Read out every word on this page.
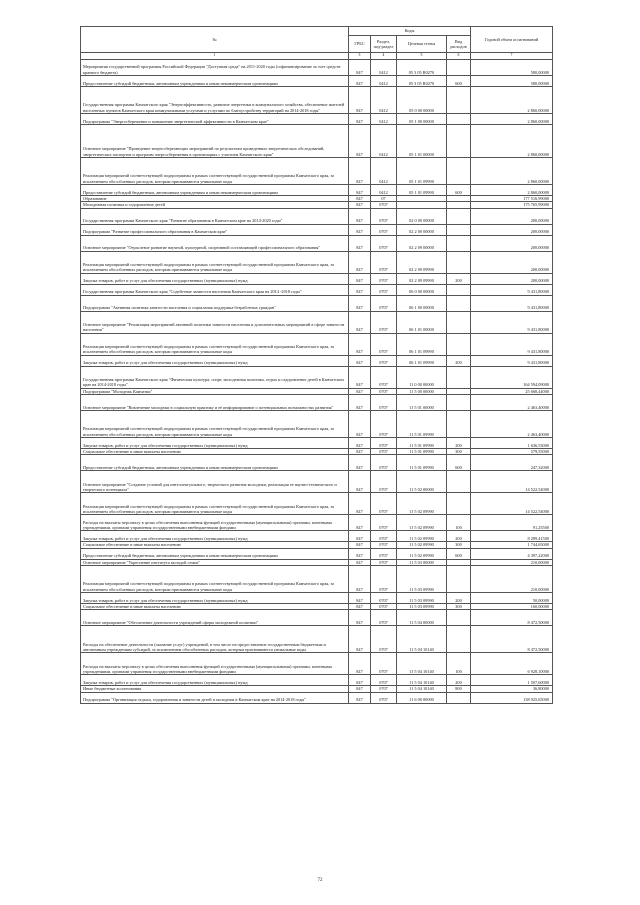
№	Коды				Годовой объем ассигнований
	ГРБС	Раздел, под-раздел	Целевая статья	Вид расходов	
1	3	4	5	6	7
Мероприятия государственной программы Российской Федерации "Доступная среда" на 2011-2020 годы (софинансирование за счет средств краевого бюджета)	847	0412	05 3 05 R0270		580,00000
Предоставление субсидий бюджетным, автономным учреждениям и иным некоммерческим организациям	847	0412	05 3 05 R0270	600	580,00000
Государственная программа Камчатского края "Энергоэффективность, развитие энергетики и коммунального хозяйства, обеспечение жителей населенных пунктов Камчатского края коммунальными услугами и услугами по благоустройству территорий на 2014-2018 годы"	847	0412	05 0 00 00000		2 860,00000
Подпрограмма "Энергосбережение и повышение энергетической эффективности в Камчатском крае"	847	0412	05 1 00 00000		2 860,00000
Основное мероприятие "Проведение энергосберегающих мероприятий по результатам проведенных энергетических обследований, энергетических паспортов и программ энергосбережения в организациях с участием Камчатского края"	847	0412	05 1 01 00000		2 860,00000
Реализация мероприятий соответствующей подпрограммы в рамках соответствующей государственной программы Камчатского края, за исключением обособленных расходов, которым присваиваются уникальные коды	847	0412	05 1 01 09990		2 860,00000
Предоставление субсидий бюджетным, автономным учреждениям и иным некоммерческим организациям	847	0412	05 1 01 09990	600	2 860,00000
Образование	847	07			177 516,99000
Молодежная политика и оздоровление детей	847	0707			175 765,99000
Государственная программа Камчатского края "Развитие образования в Камчатском крае на 2014-2020 годы"	847	0707	02 0 00 00000		200,00000
Подпрограмма "Развитие профессионального образования в Камчатском крае"	847	0707	02 2 00 00000		200,00000
Основное мероприятие "Отраслевое развитие научной, культурной, спортивной составляющей профессионального образования"	847	0707	02 2 09 00000		200,00000
Реализация мероприятий соответствующей подпрограммы в рамках соответствующей государственной программы Камчатского края, за исключением обособленных расходов, которым присваиваются уникальные коды	847	0707	02 2 09 09990		200,00000
Закупка товаров, работ и услуг для обеспечения государственных (муниципальных) нужд	847	0707	02 2 09 09990	200	200,00000
Государственная программа Камчатского края "Содействие занятости населения Камчатского края на 2014 -2018 годы"	847	0707	06 0 00 00000		9 431,80000
Подпрограмма "Активная политика занятости населения и социальная поддержка безработных граждан"	847	0707	06 1 00 00000		9 431,80000
Основное мероприятие "Реализация мероприятий активной политики занятости населения и дополнительных мероприятий в сфере занятости населения"	847	0707	06 1 01 00000		9 431,80000
Реализация мероприятий соответствующей подпрограммы в рамках соответствующей государственной программы Камчатского края, за исключением обособленных расходов, которым присваиваются уникальные коды	847	0707	06 1 01 09990		9 431,80000
Закупка товаров, работ и услуг для обеспечения государственных (муниципальных) нужд	847	0707	06 1 01 09990	200	9 431,80000
Государственная программа Камчатского края "Физическая культура, спорт, молодежная политика, отдых и оздоровление детей в Камчатском крае на 2014-2018 годы"	847	0707	11 0 00 00000		164 594,09000
Подпрограмма "Молодежь Камчатки"	847	0707	11 5 00 00000		25 668,44000
Основное мероприятие "Вовлечение молодежи в социальную практику и её информирование о потенциальных возможностях развития"	847	0707	11 5 01 00000		2 463,40000
Реализация мероприятий соответствующей подпрограммы в рамках соответствующей государственной программы Камчатского края, за исключением обособленных расходов, которым присваиваются уникальные коды	847	0707	11 5 01 09990		2 463,40000
Закупка товаров, работ и услуг для обеспечения государственных (муниципальных) нужд	847	0707	11 5 01 09990	200	1 636,53000
Социальное обеспечение и иные выплаты населению	847	0707	11 5 01 09990	300	579,55000
Предоставление субсидий бюджетным, автономным учреждениям и иным некоммерческим организациям	847	0707	11 5 01 09990	600	247,32000
Основное мероприятие "Создание условий для интеллектуального, творческого развития молодежи, реализация ее научно-технического и творческого потенциала"	847	0707	11 5 02 00000		14 522,54000
Реализация мероприятий соответствующей подпрограммы в рамках соответствующей государственной программы Камчатского края, за исключением обособленных расходов, которым присваиваются уникальные коды	847	0707	11 5 02 09990		14 522,54000
Расходы на выплаты персоналу в целях обеспечения выполнения функций государственными (муниципальными) органами, казенными учреждениями, органами управления государственными внебюджетными фондами	847	0707	11 5 02 09990	100	91,25500
Закупка товаров, работ и услуг для обеспечения государственных (муниципальных) нужд	847	0707	11 5 02 09990	200	8 289,41500
Социальное обеспечение и иные выплаты населению	847	0707	11 5 02 09990	300	1 744,65000
Предоставление субсидий бюджетным, автономным учреждениям и иным некоммерческим организациям	847	0707	11 5 02 09990	600	4 397,22000
Основное мероприятие "Укрепление института молодой семьи"	847	0707	11 5 03 00000		210,00000
Реализация мероприятий соответствующей подпрограммы в рамках соответствующей государственной программы Камчатского края, за исключением обособленных расходов, которым присваиваются уникальные коды	847	0707	11 5 03 09990		210,00000
Закупка товаров, работ и услуг для обеспечения государственных (муниципальных) нужд	847	0707	11 5 03 09990	200	50,00000
Социальное обеспечение и иные выплаты населению	847	0707	11 5 03 09990	300	160,00000
Основное мероприятие "Обеспечение деятельности учреждений сферы молодежной политики"	847	0707	11 5 04 00000		8 472,50000
Расходы на обеспечение деятельности (оказание услуг) учреждений, в том числе на предоставление государственным бюджетным и автономным учреждениям субсидий, за исключением обособленных расходов, которым присваиваются уникальные коды	847	0707	11 5 04 10140		8 472,50000
Расходы на выплаты персоналу в целях обеспечения выполнения функций государственными (муниципальными) органами, казенными учреждениями, органами управления государственными внебюджетными фондами	847	0707	11 5 04 10140	100	6 928,10000
Закупка товаров, работ и услуг для обеспечения государственных (муниципальных) нужд	847	0707	11 5 04 10140	200	1 507,60000
Иные бюджетные ассигнования	847	0707	11 5 04 10140	800	36,80000
Подпрограмма "Организация отдыха, оздоровления и занятости детей и молодежи в Камчатском крае на 2014-2018 годы"	847	0707	11 6 00 00000		138 925,65000
72
